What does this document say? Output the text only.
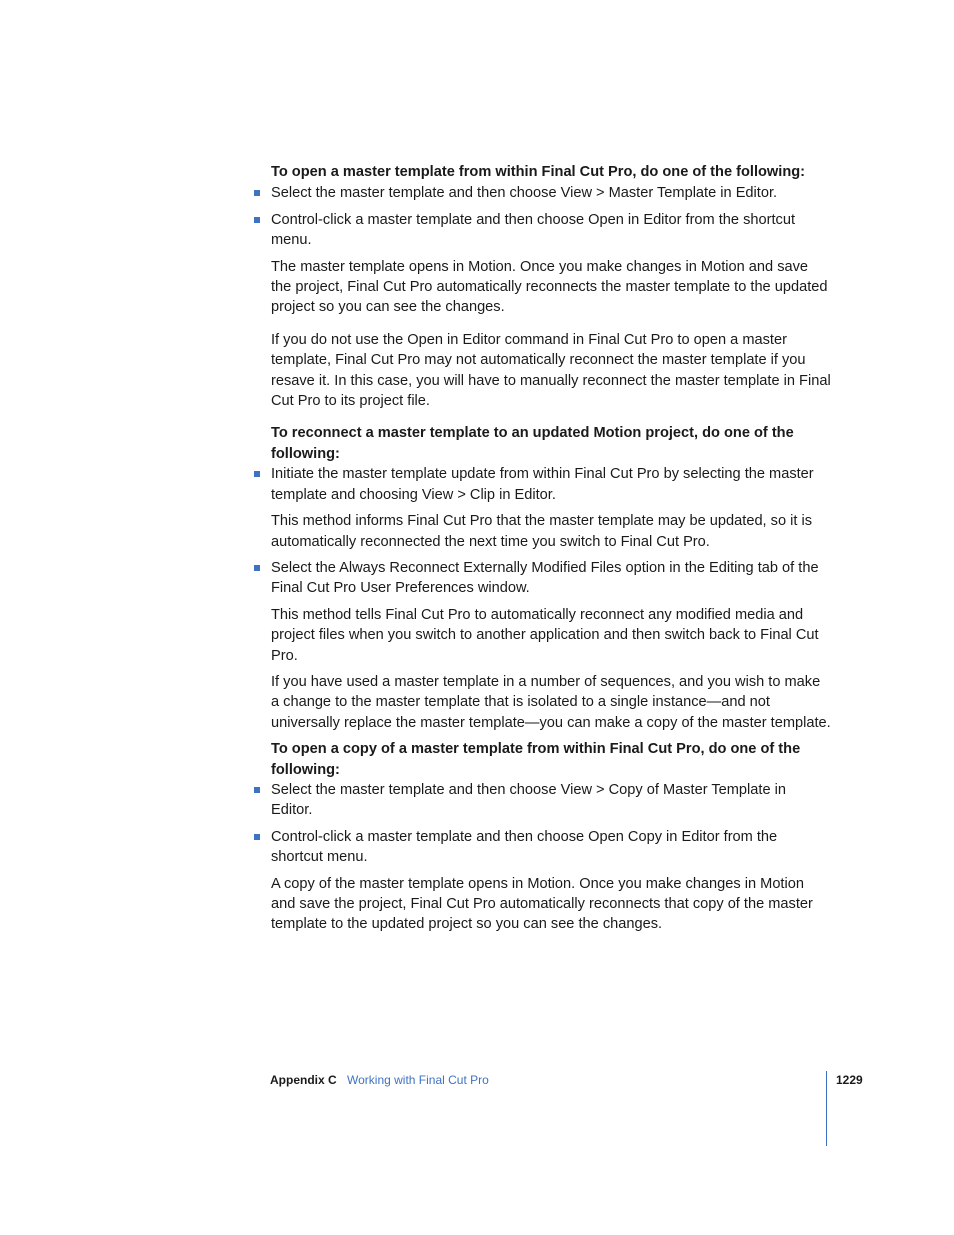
To open a master template from within Final Cut Pro, do one of the following:

Select the master template and then choose View > Master Template in Editor.

Control-click a master template and then choose Open in Editor from the shortcut menu.

The master template opens in Motion. Once you make changes in Motion and save the project, Final Cut Pro automatically reconnects the master template to the updated project so you can see the changes.

If you do not use the Open in Editor command in Final Cut Pro to open a master template, Final Cut Pro may not automatically reconnect the master template if you resave it. In this case, you will have to manually reconnect the master template in Final Cut Pro to its project file.

To reconnect a master template to an updated Motion project, do one of the following:

Initiate the master template update from within Final Cut Pro by selecting the master template and choosing View > Clip in Editor.

This method informs Final Cut Pro that the master template may be updated, so it is automatically reconnected the next time you switch to Final Cut Pro.

Select the Always Reconnect Externally Modified Files option in the Editing tab of the Final Cut Pro User Preferences window.

This method tells Final Cut Pro to automatically reconnect any modified media and project files when you switch to another application and then switch back to Final Cut Pro.

If you have used a master template in a number of sequences, and you wish to make a change to the master template that is isolated to a single instance—and not universally replace the master template—you can make a copy of the master template.

To open a copy of a master template from within Final Cut Pro, do one of the following:

Select the master template and then choose View > Copy of Master Template in Editor.

Control-click a master template and then choose Open Copy in Editor from the shortcut menu.

A copy of the master template opens in Motion. Once you make changes in Motion and save the project, Final Cut Pro automatically reconnects that copy of the master template to the updated project so you can see the changes.

Appendix C Working with Final Cut Pro	1229
